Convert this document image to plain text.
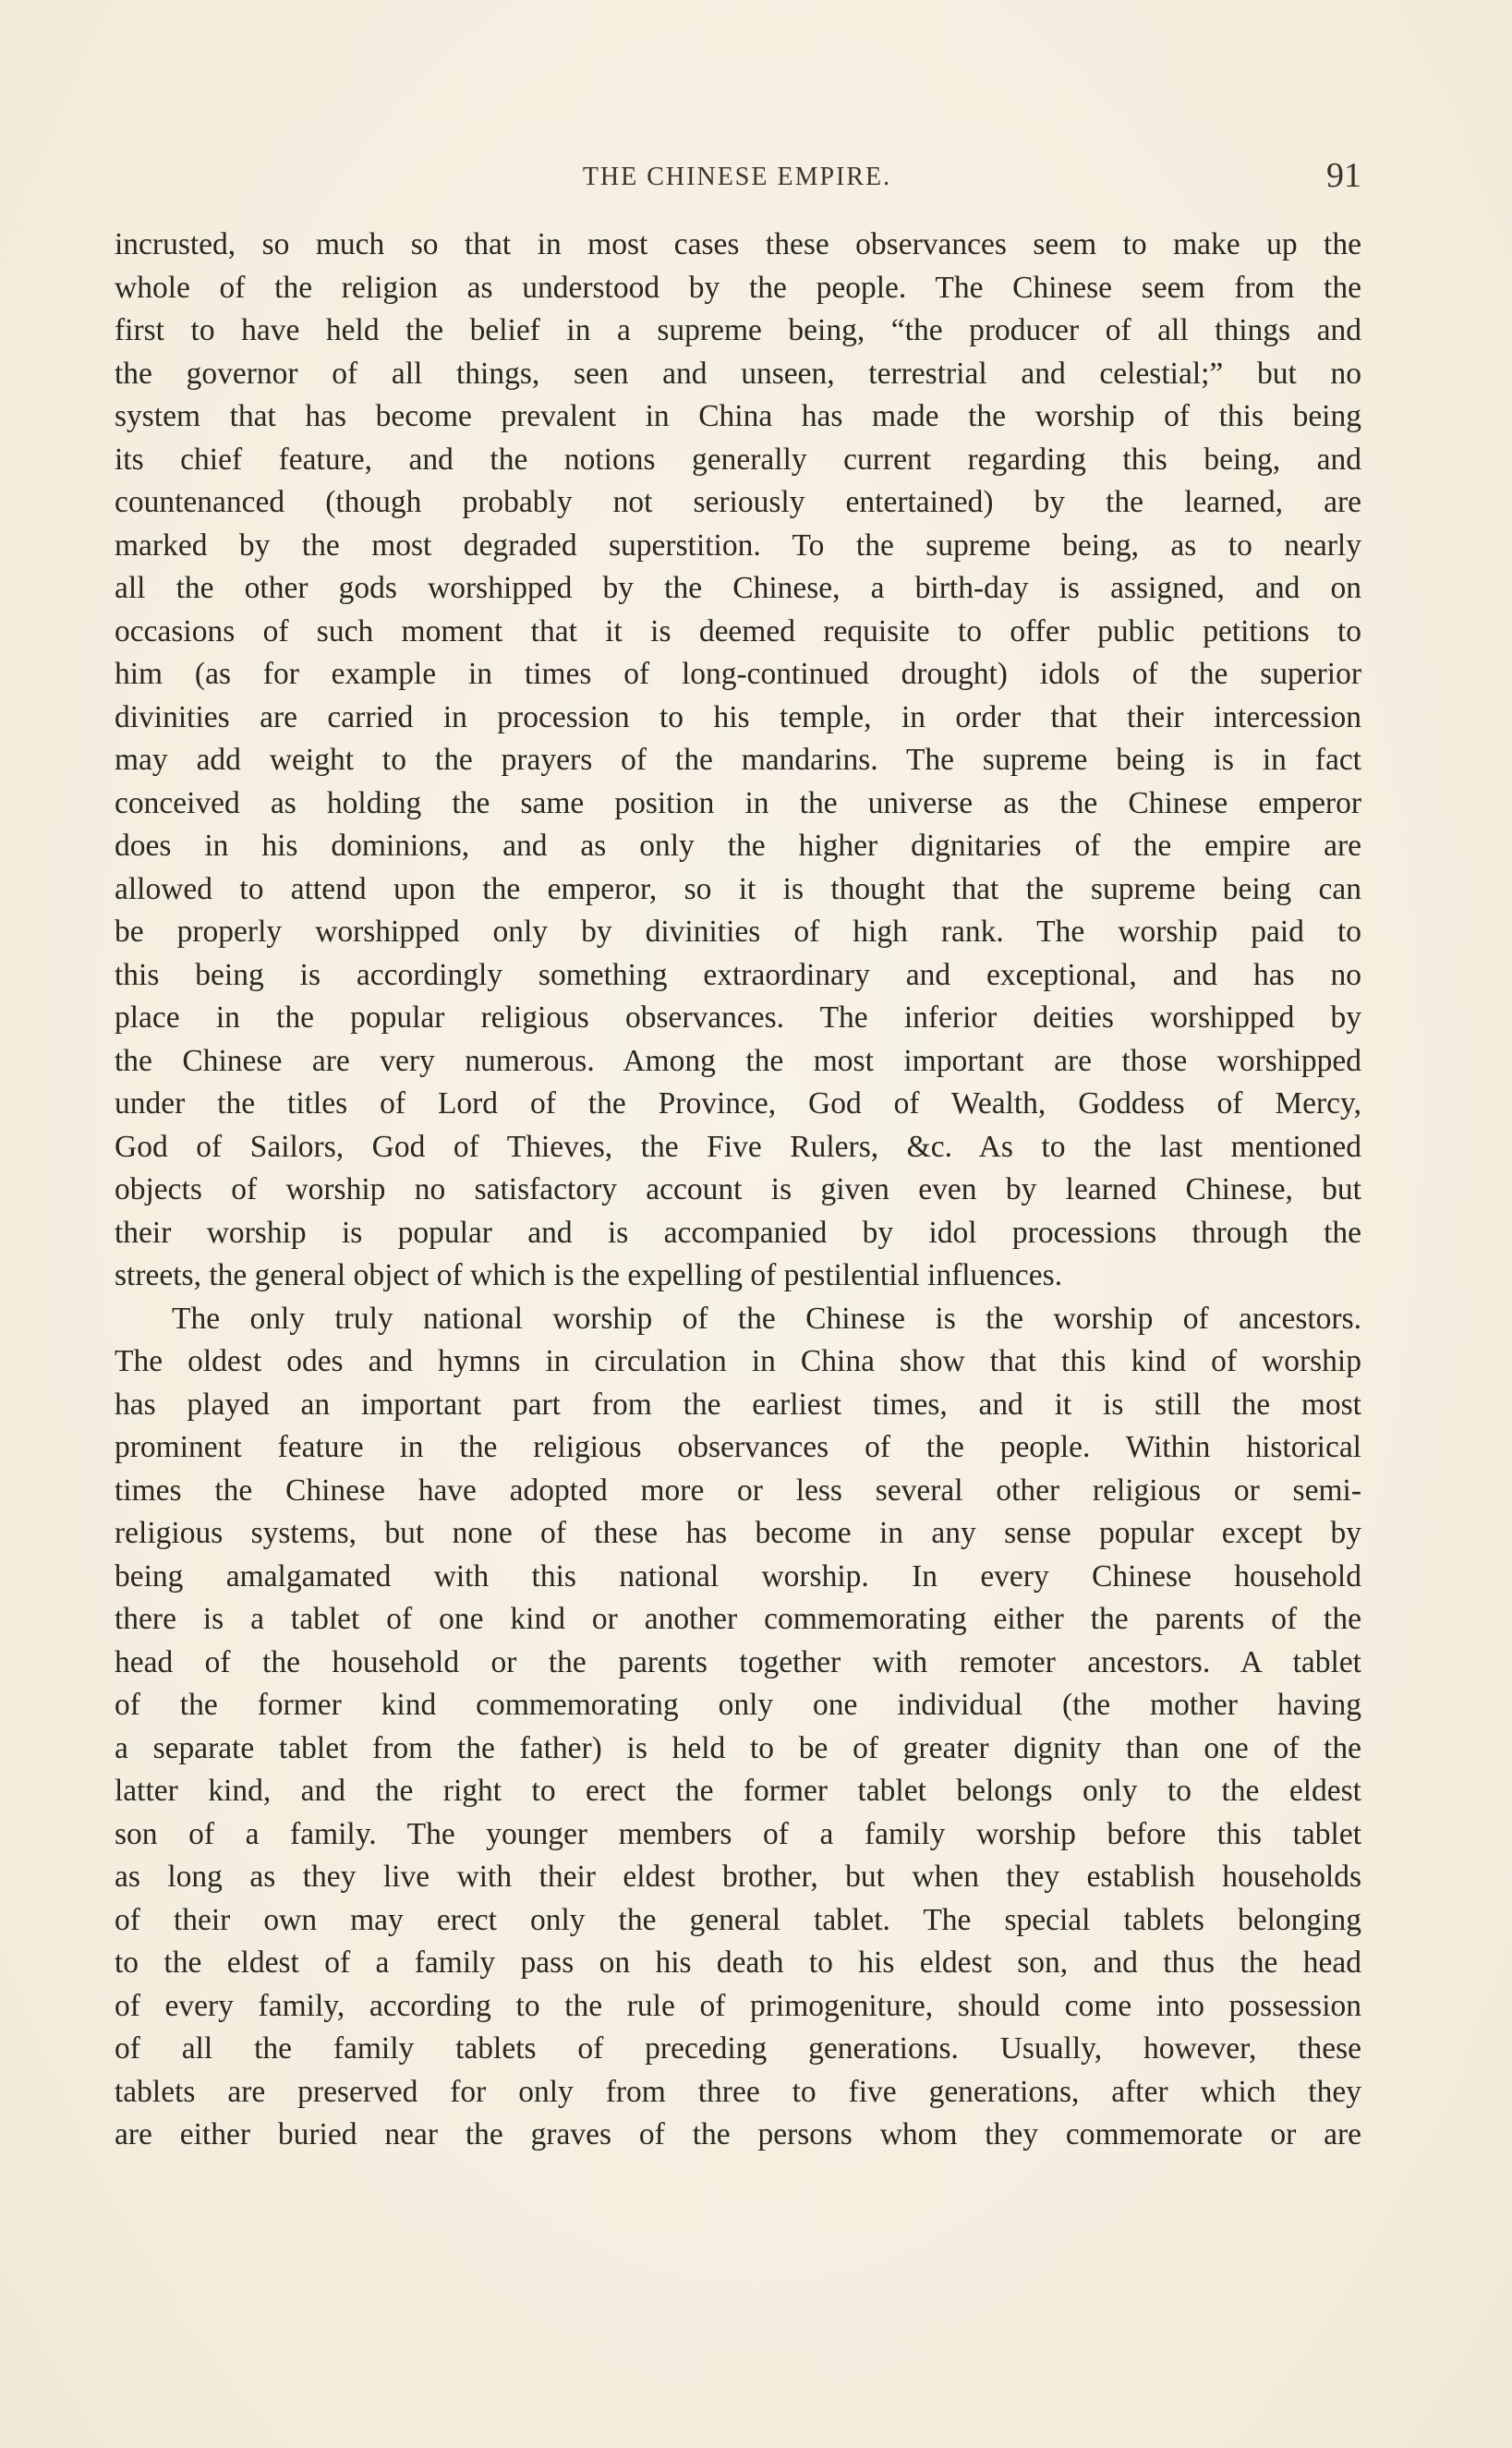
THE CHINESE EMPIRE.	91
incrusted, so much so that in most cases these observances seem to make up the
whole of the religion as understood by the people. The Chinese seem from the
first to have held the belief in a supreme being, “the producer of all things and
the governor of all things, seen and unseen, terrestrial and celestial;” but no
system that has become prevalent in China has made the worship of this being
its chief feature, and the notions generally current regarding this being, and
countenanced (though probably not seriously entertained) by the learned, are
marked by the most degraded superstition. To the supreme being, as to nearly
all the other gods worshipped by the Chinese, a birth-day is assigned, and on
occasions of such moment that it is deemed requisite to offer public petitions to
him (as for example in times of long-continued drought) idols of the superior
divinities are carried in procession to his temple, in order that their intercession
may add weight to the prayers of the mandarins. The supreme being is in fact
conceived as holding the same position in the universe as the Chinese emperor
does in his dominions, and as only the higher dignitaries of the empire are
allowed to attend upon the emperor, so it is thought that the supreme being can
be properly worshipped only by divinities of high rank. The worship paid to
this being is accordingly something extraordinary and exceptional, and has no
place in the popular religious observances. The inferior deities worshipped by
the Chinese are very numerous. Among the most important are those worshipped
under the titles of Lord of the Province, God of Wealth, Goddess of Mercy,
God of Sailors, God of Thieves, the Five Rulers, &c. As to the last mentioned
objects of worship no satisfactory account is given even by learned Chinese, but
their worship is popular and is accompanied by idol processions through the
streets, the general object of which is the expelling of pestilential influences.
The only truly national worship of the Chinese is the worship of ancestors.
The oldest odes and hymns in circulation in China show that this kind of worship
has played an important part from the earliest times, and it is still the most
prominent feature in the religious observances of the people. Within historical
times the Chinese have adopted more or less several other religious or semi-
religious systems, but none of these has become in any sense popular except by
being amalgamated with this national worship. In every Chinese household
there is a tablet of one kind or another commemorating either the parents of the
head of the household or the parents together with remoter ancestors. A tablet
of the former kind commemorating only one individual (the mother having
a separate tablet from the father) is held to be of greater dignity than one of the
latter kind, and the right to erect the former tablet belongs only to the eldest
son of a family. The younger members of a family worship before this tablet
as long as they live with their eldest brother, but when they establish households
of their own may erect only the general tablet. The special tablets belonging
to the eldest of a family pass on his death to his eldest son, and thus the head
of every family, according to the rule of primogeniture, should come into possession
of all the family tablets of preceding generations. Usually, however, these
tablets are preserved for only from three to five generations, after which they
are either buried near the graves of the persons whom they commemorate or are
